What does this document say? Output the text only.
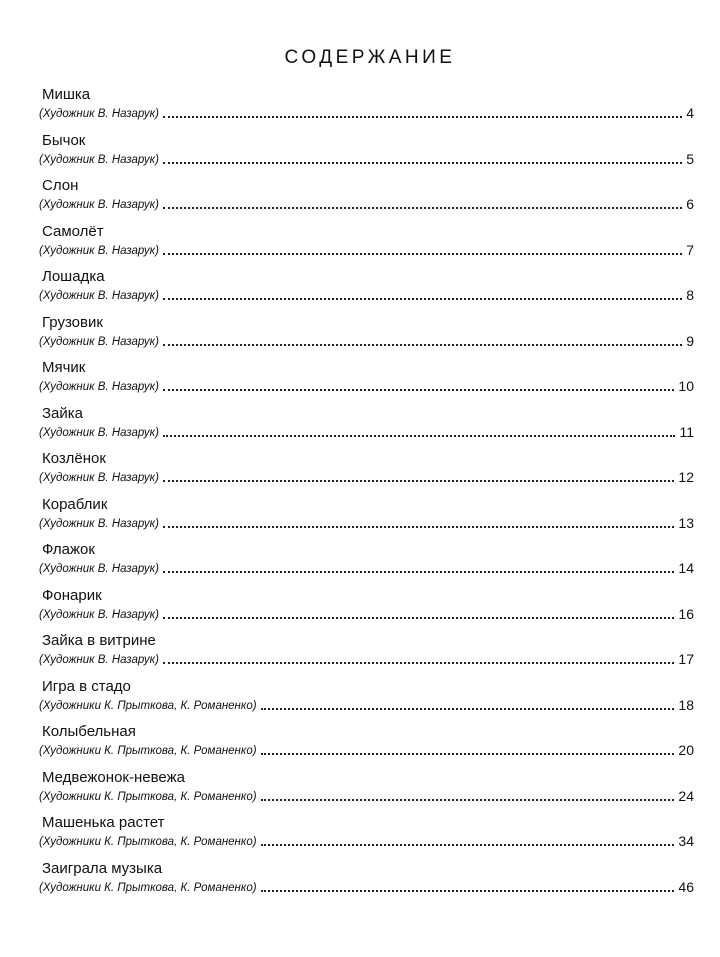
СОДЕРЖАНИЕ
Мишка
(Художник В. Назарук)	4
Бычок
(Художник В. Назарук)	5
Слон
(Художник В. Назарук)	6
Самолёт
(Художник В. Назарук)	7
Лошадка
(Художник В. Назарук)	8
Грузовик
(Художник В. Назарук)	9
Мячик
(Художник В. Назарук)	10
Зайка
(Художник В. Назарук)	11
Козлёнок
(Художник В. Назарук)	12
Кораблик
(Художник В. Назарук)	13
Флажок
(Художник В. Назарук)	14
Фонарик
(Художник В. Назарук)	16
Зайка в витрине
(Художник В. Назарук)	17
Игра в стадо
(Художники К. Прыткова, К. Романенко)	18
Колыбельная
(Художники К. Прыткова, К. Романенко)	20
Медвежонок-невежа
(Художники К. Прыткова, К. Романенко)	24
Машенька растет
(Художники К. Прыткова, К. Романенко)	34
Заиграла музыка
(Художники К. Прыткова, К. Романенко)	46
